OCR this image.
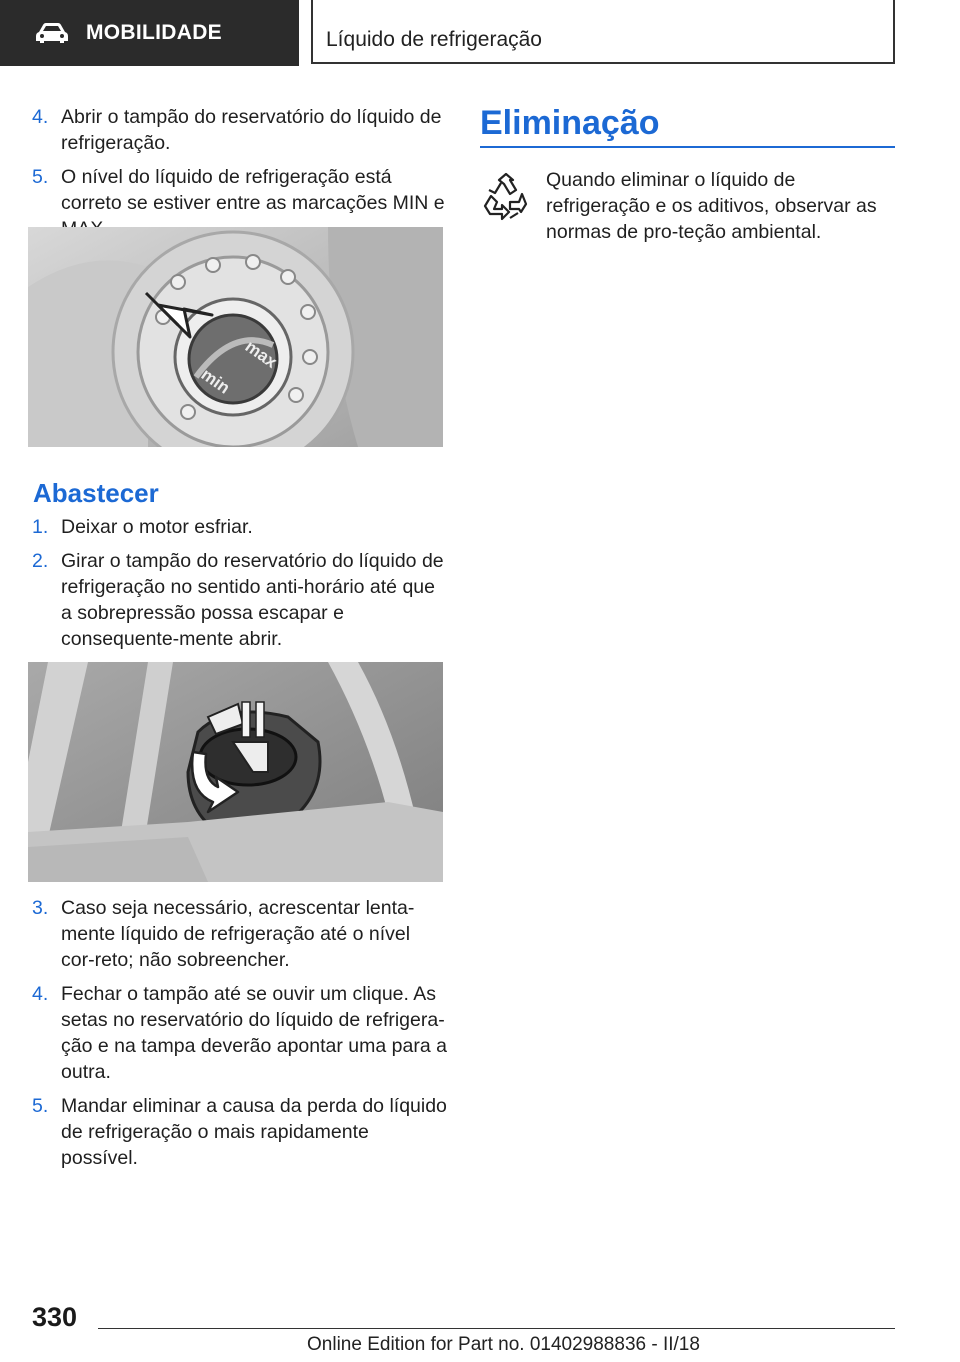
MOBILIDADE	Líquido de refrigeração
4. Abrir o tampão do reservatório do líquido de refrigeração.
5. O nível do líquido de refrigeração está correto se estiver entre as marcações MIN e
max
min
Abastecer
1. Deixar o motor esfriar.
2. Girar o tampão do reservatório do líquido de refrigeração no sentido anti-horário até que a sobrepressão possa escapar e consequente-mente abrir.
3. Caso seja necessário, acrescentar lenta-mente líquido de refrigeração até o nível cor-reto; não sobreencher.
4. Fechar o tampão até se ouvir um clique. As setas no reservatório do líquido de refrigera-ção e na tampa deverão apontar uma para a outra.
5. Mandar eliminar a causa da perda do líquido de refrigeração o mais rapidamente possível.
Eliminação

Quando eliminar o líquido de refrigeração e os aditivos, observar as normas de pro-teção ambiental.

330
Online Edition for Part no. 01402988836 - II/18
